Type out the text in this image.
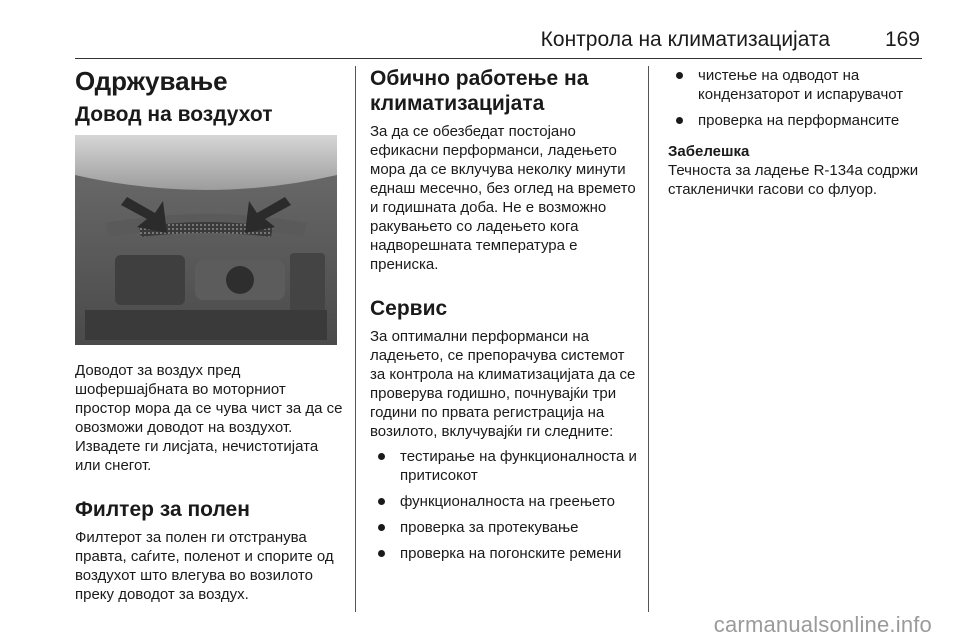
Контрола на климатизацијата	169
Одржување
Довод на воздухот

Доводот за воздух пред шофершајбната во моторниот простор мора да се чува чист за да се овозможи доводот на воздухот. Извадете ги лисјата, нечистотијата или снегот.

Филтер за полен

Филтерот за полен ги отстранува правта, саѓите, поленот и спорите од воздухот што влегува во возилото преку доводот за воздух.

Обично работење на климатизацијата

За да се обезбедат постојано ефикасни перформанси, ладењето мора да се вклучува неколку минути еднаш месечно, без оглед на времето и годишната доба. Не е возможно ракувањето со ладењето кога надворешната температура е прениска.

Сервис

За оптимални перформанси на ладењето, се препорачува системот за контрола на климатизацијата да се проверува годишно, почнувајќи три години по првата регистрација на возилото, вклучувајќи ги следните:

тестирање на функционалноста и притисокот
функционалноста на греењето
проверка за протекување
проверка на погонските ремени
чистење на одводот на кондензаторот и испарувачот
проверка на перформансите
Забелешка

Течноста за ладење R-134a содржи стакленички гасови со флуор.

carmanualsonline.info
